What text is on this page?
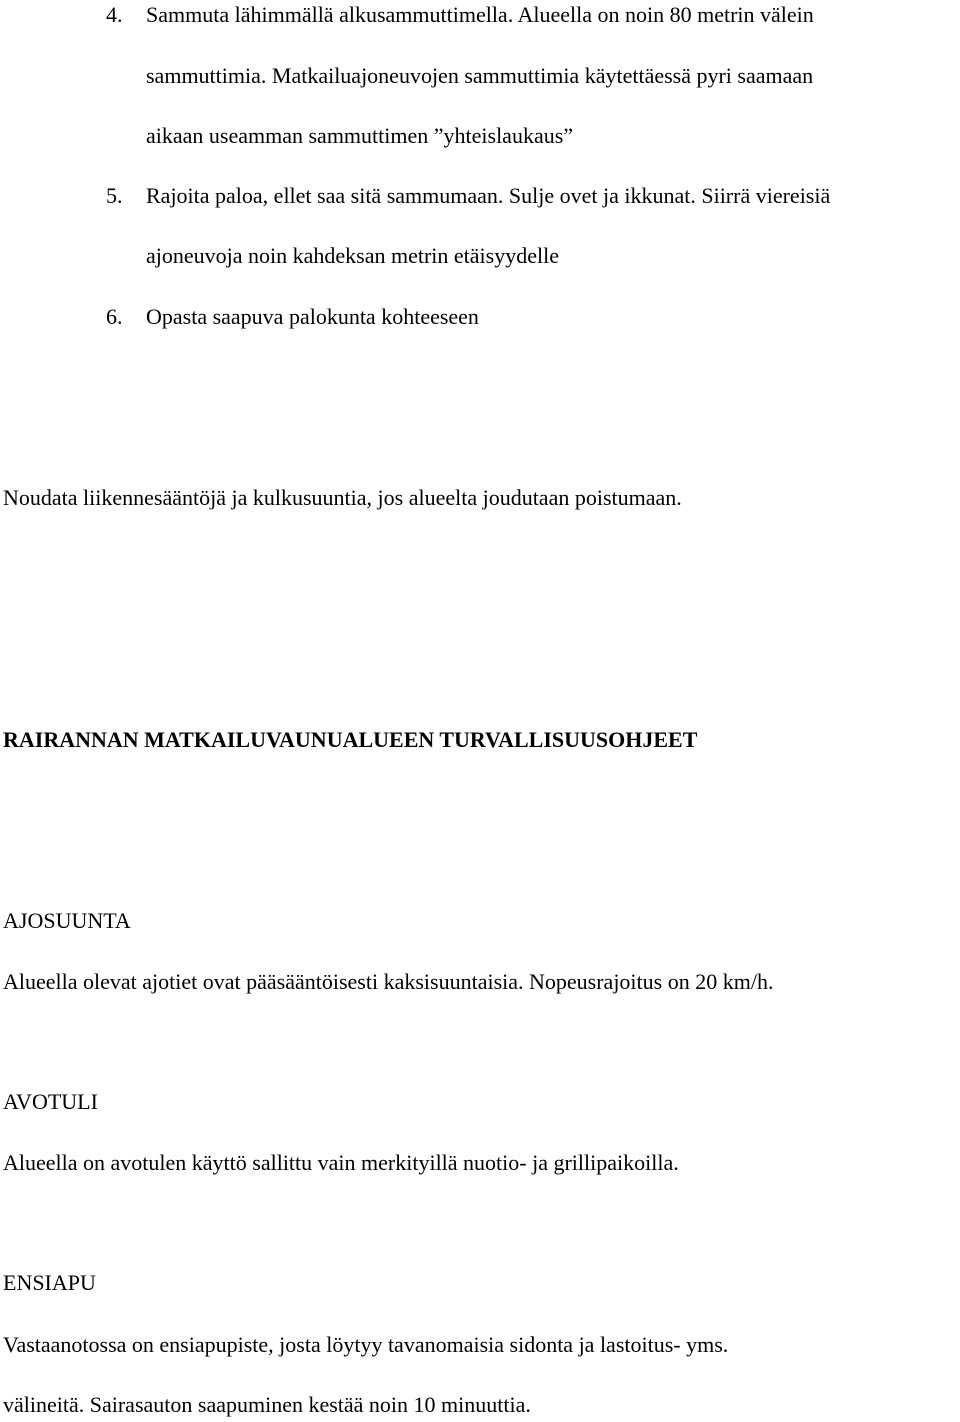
4. Sammuta lähimmällä alkusammuttimella. Alueella on noin 80 metrin välein
sammuttimia. Matkailuajoneuvojen sammuttimia käytettäessä pyri saamaan
aikaan useamman sammuttimen ”yhteislaukaus”
5. Rajoita paloa, ellet saa sitä sammumaan. Sulje ovet ja ikkunat. Siirrä viereisiä
ajoneuvoja noin kahdeksan metrin etäisyydelle
6. Opasta saapuva palokunta kohteeseen
Noudata liikennesääntöjä ja kulkusuuntia, jos alueelta joudutaan poistumaan.
RAIRANNAN MATKAILUVAUNUALUEEN TURVALLISUUSOHJEET
AJOSUUNTA
Alueella olevat ajotiet ovat pääsääntöisesti kaksisuuntaisia. Nopeusrajoitus on 20 km/h.
AVOTULI
Alueella on avotulen käyttö sallittu vain merkityillä nuotio- ja grillipaikoilla.
ENSIAPU
Vastaanotossa on ensiapupiste, josta löytyy tavanomaisia sidonta ja lastoitus- yms.
välineitä. Sairasauton saapuminen kestää noin 10 minuuttia.
